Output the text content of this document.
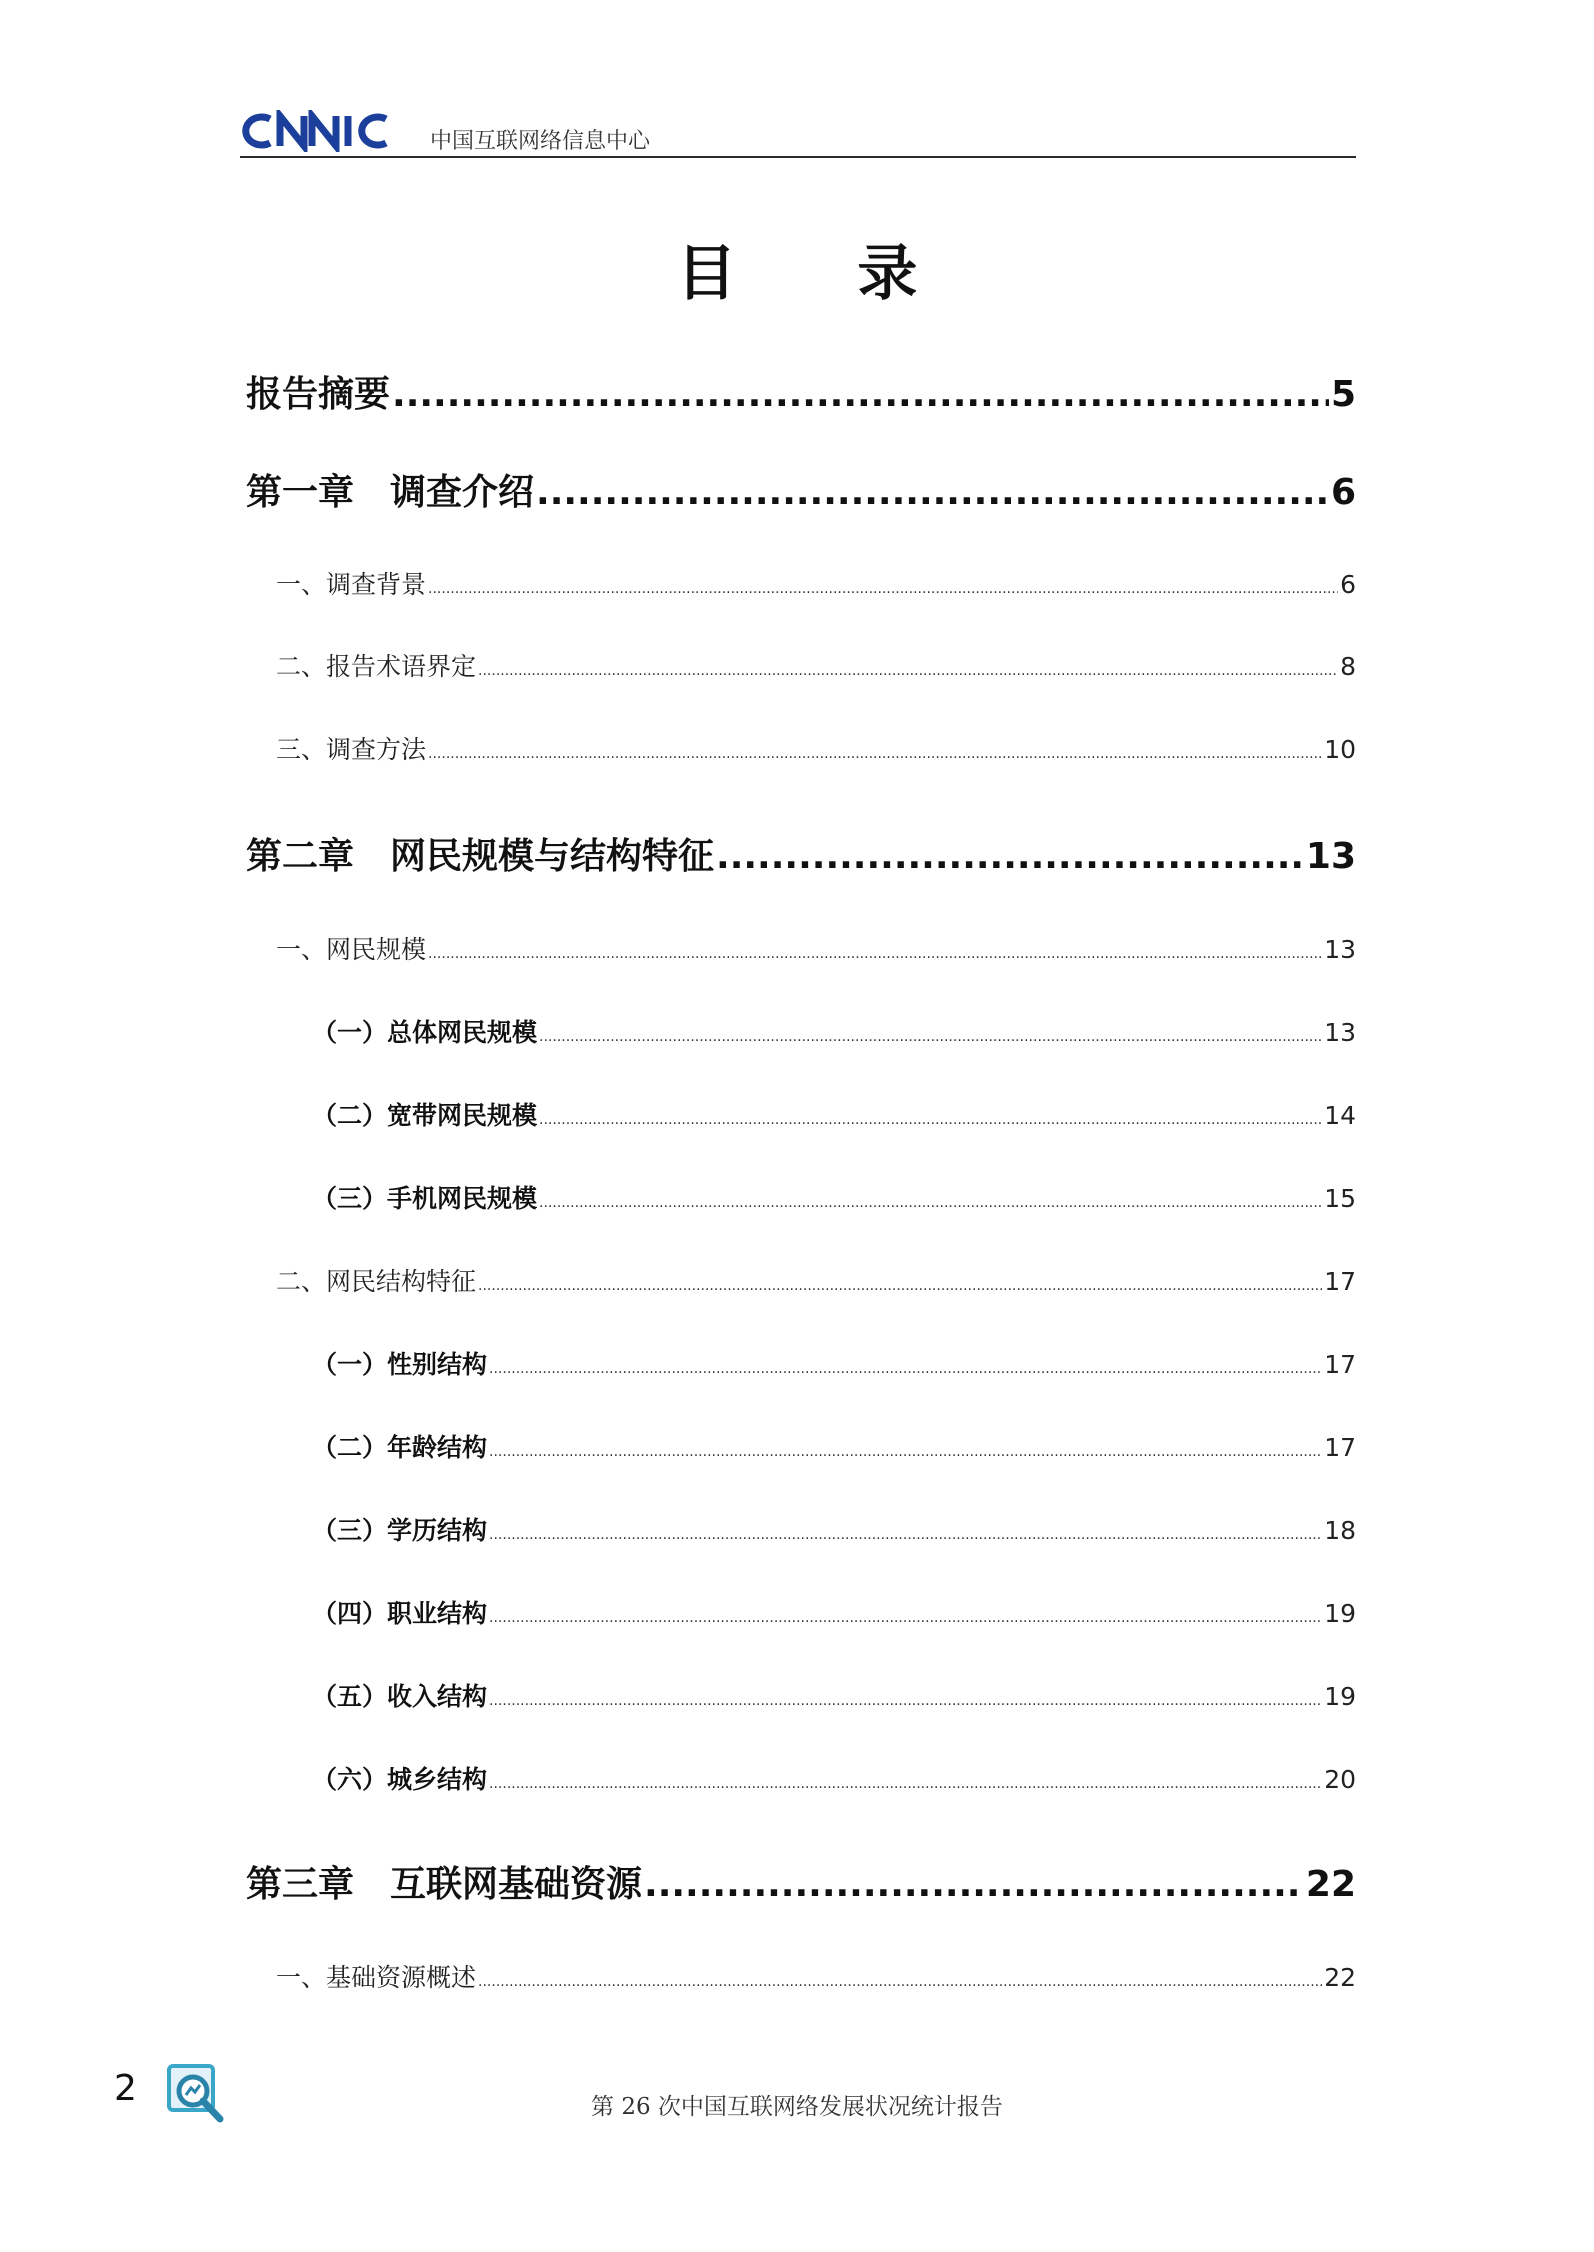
中国互联网络信息中心
目 录
报告摘要 .....	5
第一章 调查介绍 .....	6
一、调查背景 .....	6
二、报告术语界定 .....	8
三、调查方法 .....	10
第二章 网民规模与结构特征 .....	13
一、网民规模 .....	13
（一）总体网民规模 .....	13
（二）宽带网民规模 .....	14
（三）手机网民规模 .....	15
二、网民结构特征 .....	17
（一）性别结构 .....	17
（二）年龄结构 .....	17
（三）学历结构 .....	18
（四）职业结构 .....	19
（五）收入结构 .....	19
（六）城乡结构 .....	20
第三章 互联网基础资源 .....	22
一、基础资源概述 .....	22
2	第 26 次中国互联网络发展状况统计报告
